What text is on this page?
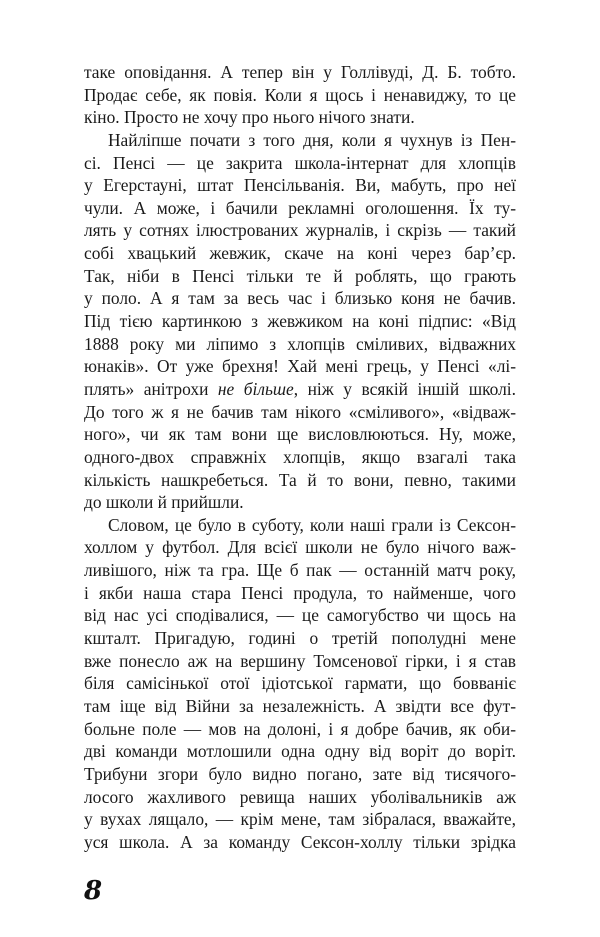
таке оповідання. А тепер він у Голлівуді, Д. Б. тобто.
Продає себе, як повія. Коли я щось і ненавиджу, то це
кіно. Просто не хочу про нього нічого знати.
Найліпше почати з того дня, коли я чухнув із Пен-
сі. Пенсі — це закрита школа-інтернат для хлопців
у Егерстауні, штат Пенсільванія. Ви, мабуть, про неї
чули. А може, і бачили рекламні оголошення. Їх ту-
лять у сотнях ілюстрованих журналів, і скрізь — такий
собі хвацький жевжик, скаче на коні через бар’єр.
Так, ніби в Пенсі тільки те й роблять, що грають
у поло. А я там за весь час і близько коня не бачив.
Під тією картинкою з жевжиком на коні підпис: «Від
1888 року ми ліпимо з хлопців сміливих, відважних
юнаків». От уже брехня! Хай мені грець, у Пенсі «лі-
плять» анітрохи не більше, ніж у всякій іншій школі.
До того ж я не бачив там нікого «сміливого», «відваж-
ного», чи як там вони ще висловлюються. Ну, може,
одного-двох справжніх хлопців, якщо взагалі така
кількість нашкребеться. Та й то вони, певно, такими
до школи й прийшли.
Словом, це було в суботу, коли наші грали із Сексон-
холлом у футбол. Для всієї школи не було нічого важ-
ливішого, ніж та гра. Ще б пак — останній матч року,
і якби наша стара Пенсі продула, то найменше, чого
від нас усі сподівалися, — це самогубство чи щось на
кшталт. Пригадую, годині о третій пополудні мене
вже понесло аж на вершину Томсенової гірки, і я став
біля самісінької отої ідіотської гармати, що бовваніє
там іще від Війни за незалежність. А звідти все фут-
больне поле — мов на долоні, і я добре бачив, як оби-
дві команди мотлошили одна одну від воріт до воріт.
Трибуни згори було видно погано, зате від тисячого-
лосого жахливого ревища наших уболівальників аж
у вухах лящало, — крім мене, там зібралася, вважайте,
уся школа. А за команду Сексон-холлу тільки зрідка
8
